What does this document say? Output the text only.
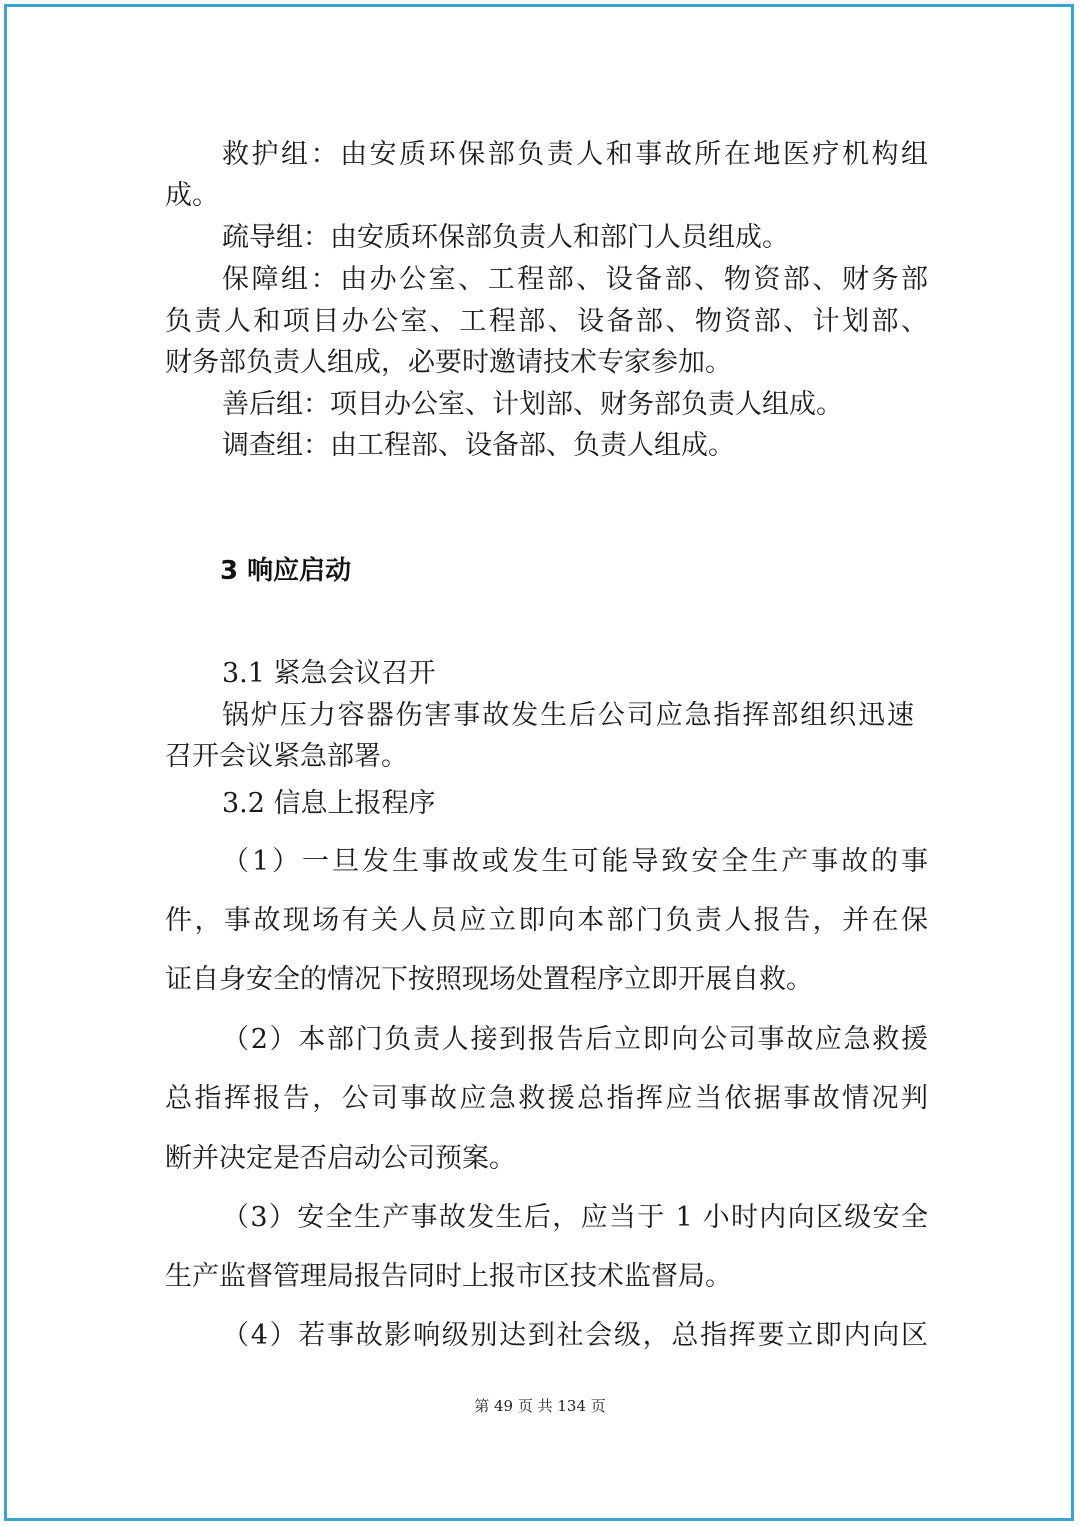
救护组：由安质环保部负责人和事故所在地医疗机构组
成。
疏导组：由安质环保部负责人和部门人员组成。
保障组：由办公室、工程部、设备部、物资部、财务部
负责人和项目办公室、工程部、设备部、物资部、计划部、
财务部负责人组成，必要时邀请技术专家参加。
善后组：项目办公室、计划部、财务部负责人组成。
调查组：由工程部、设备部、负责人组成。
3 响应启动
3.1 紧急会议召开
锅炉压力容器伤害事故发生后公司应急指挥部组织迅速
召开会议紧急部署。
3.2 信息上报程序
（1）一旦发生事故或发生可能导致安全生产事故的事
件，事故现场有关人员应立即向本部门负责人报告，并在保
证自身安全的情况下按照现场处置程序立即开展自救。
（2）本部门负责人接到报告后立即向公司事故应急救援
总指挥报告，公司事故应急救援总指挥应当依据事故情况判
断并决定是否启动公司预案。
（3）安全生产事故发生后，应当于 1 小时内向区级安全
生产监督管理局报告同时上报市区技术监督局。
（4）若事故影响级别达到社会级，总指挥要立即内向区
第 49 页 共 134 页
